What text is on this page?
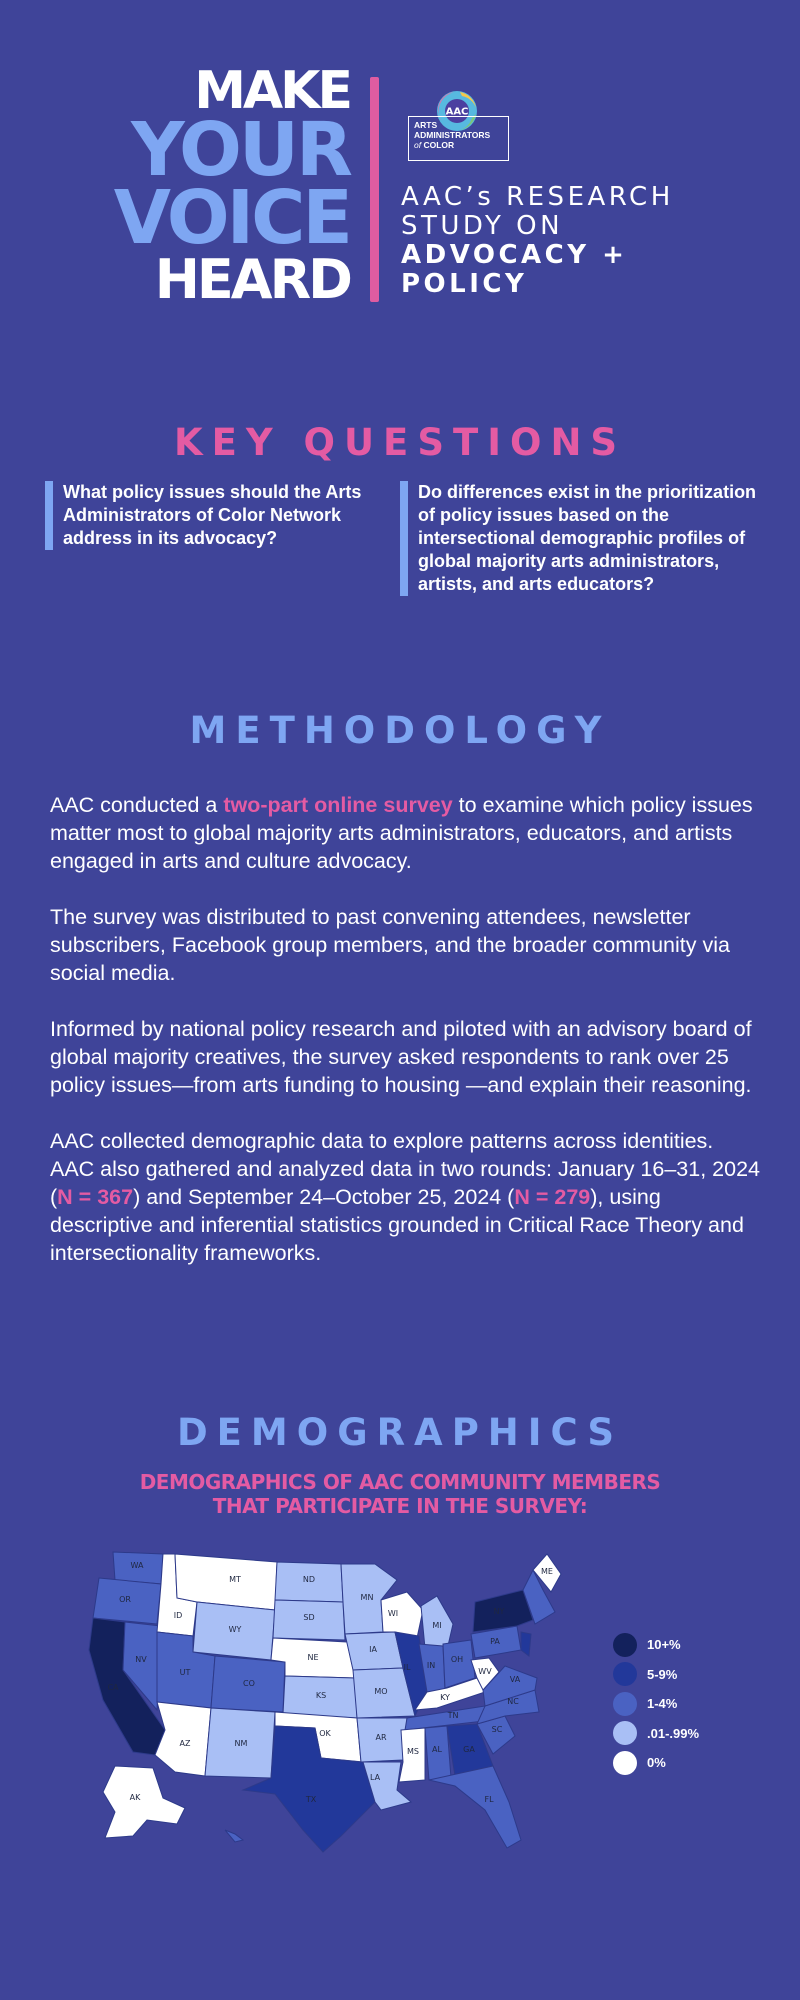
MAKE
YOUR
VOICE
HEARD
AAC
ARTS
ADMINISTRATORS
of COLOR
AAC’s RESEARCH
STUDY ON
ADVOCACY +
POLICY
KEY QUESTIONS
What policy issues should the Arts Administrators of Color Network address in its advocacy?
Do differences exist in the prioritization of policy issues based on the intersectional demographic profiles of global majority arts administrators, artists, and arts educators?
METHODOLOGY

AAC conducted a two-part online survey to examine which policy issues matter most to global majority arts administrators, educators, and artists engaged in arts and culture advocacy.

The survey was distributed to past convening attendees, newsletter subscribers, Facebook group members, and the broader community via social media.

Informed by national policy research and piloted with an advisory board of global majority creatives, the survey asked respondents to rank over 25 policy issues—from arts funding to housing —and explain their reasoning.

AAC collected demographic data to explore patterns across identities. AAC also gathered and analyzed data in two rounds: January 16–31, 2024 (N = 367) and September 24–October 25, 2024 (N = 279), using descriptive and inferential statistics grounded in Critical Race Theory and intersectionality frameworks.

DEMOGRAPHICS
DEMOGRAPHICS OF AAC COMMUNITY MEMBERS
THAT PARTICIPATE IN THE SURVEY:
WA
OR
CA
NV
ID
MT
WY
UT
AZ
CO
NM
ND
SD
NE
KS
OK
TX
MN
IA
MO
AR
LA
WI
IL
MI
IN
OH
KY
TN
MS AL	GA
FL
SC
NC
VA
WV
PA
NY
ME
AK
10+%
5-9%
1-4%
.01-.99%
0%
